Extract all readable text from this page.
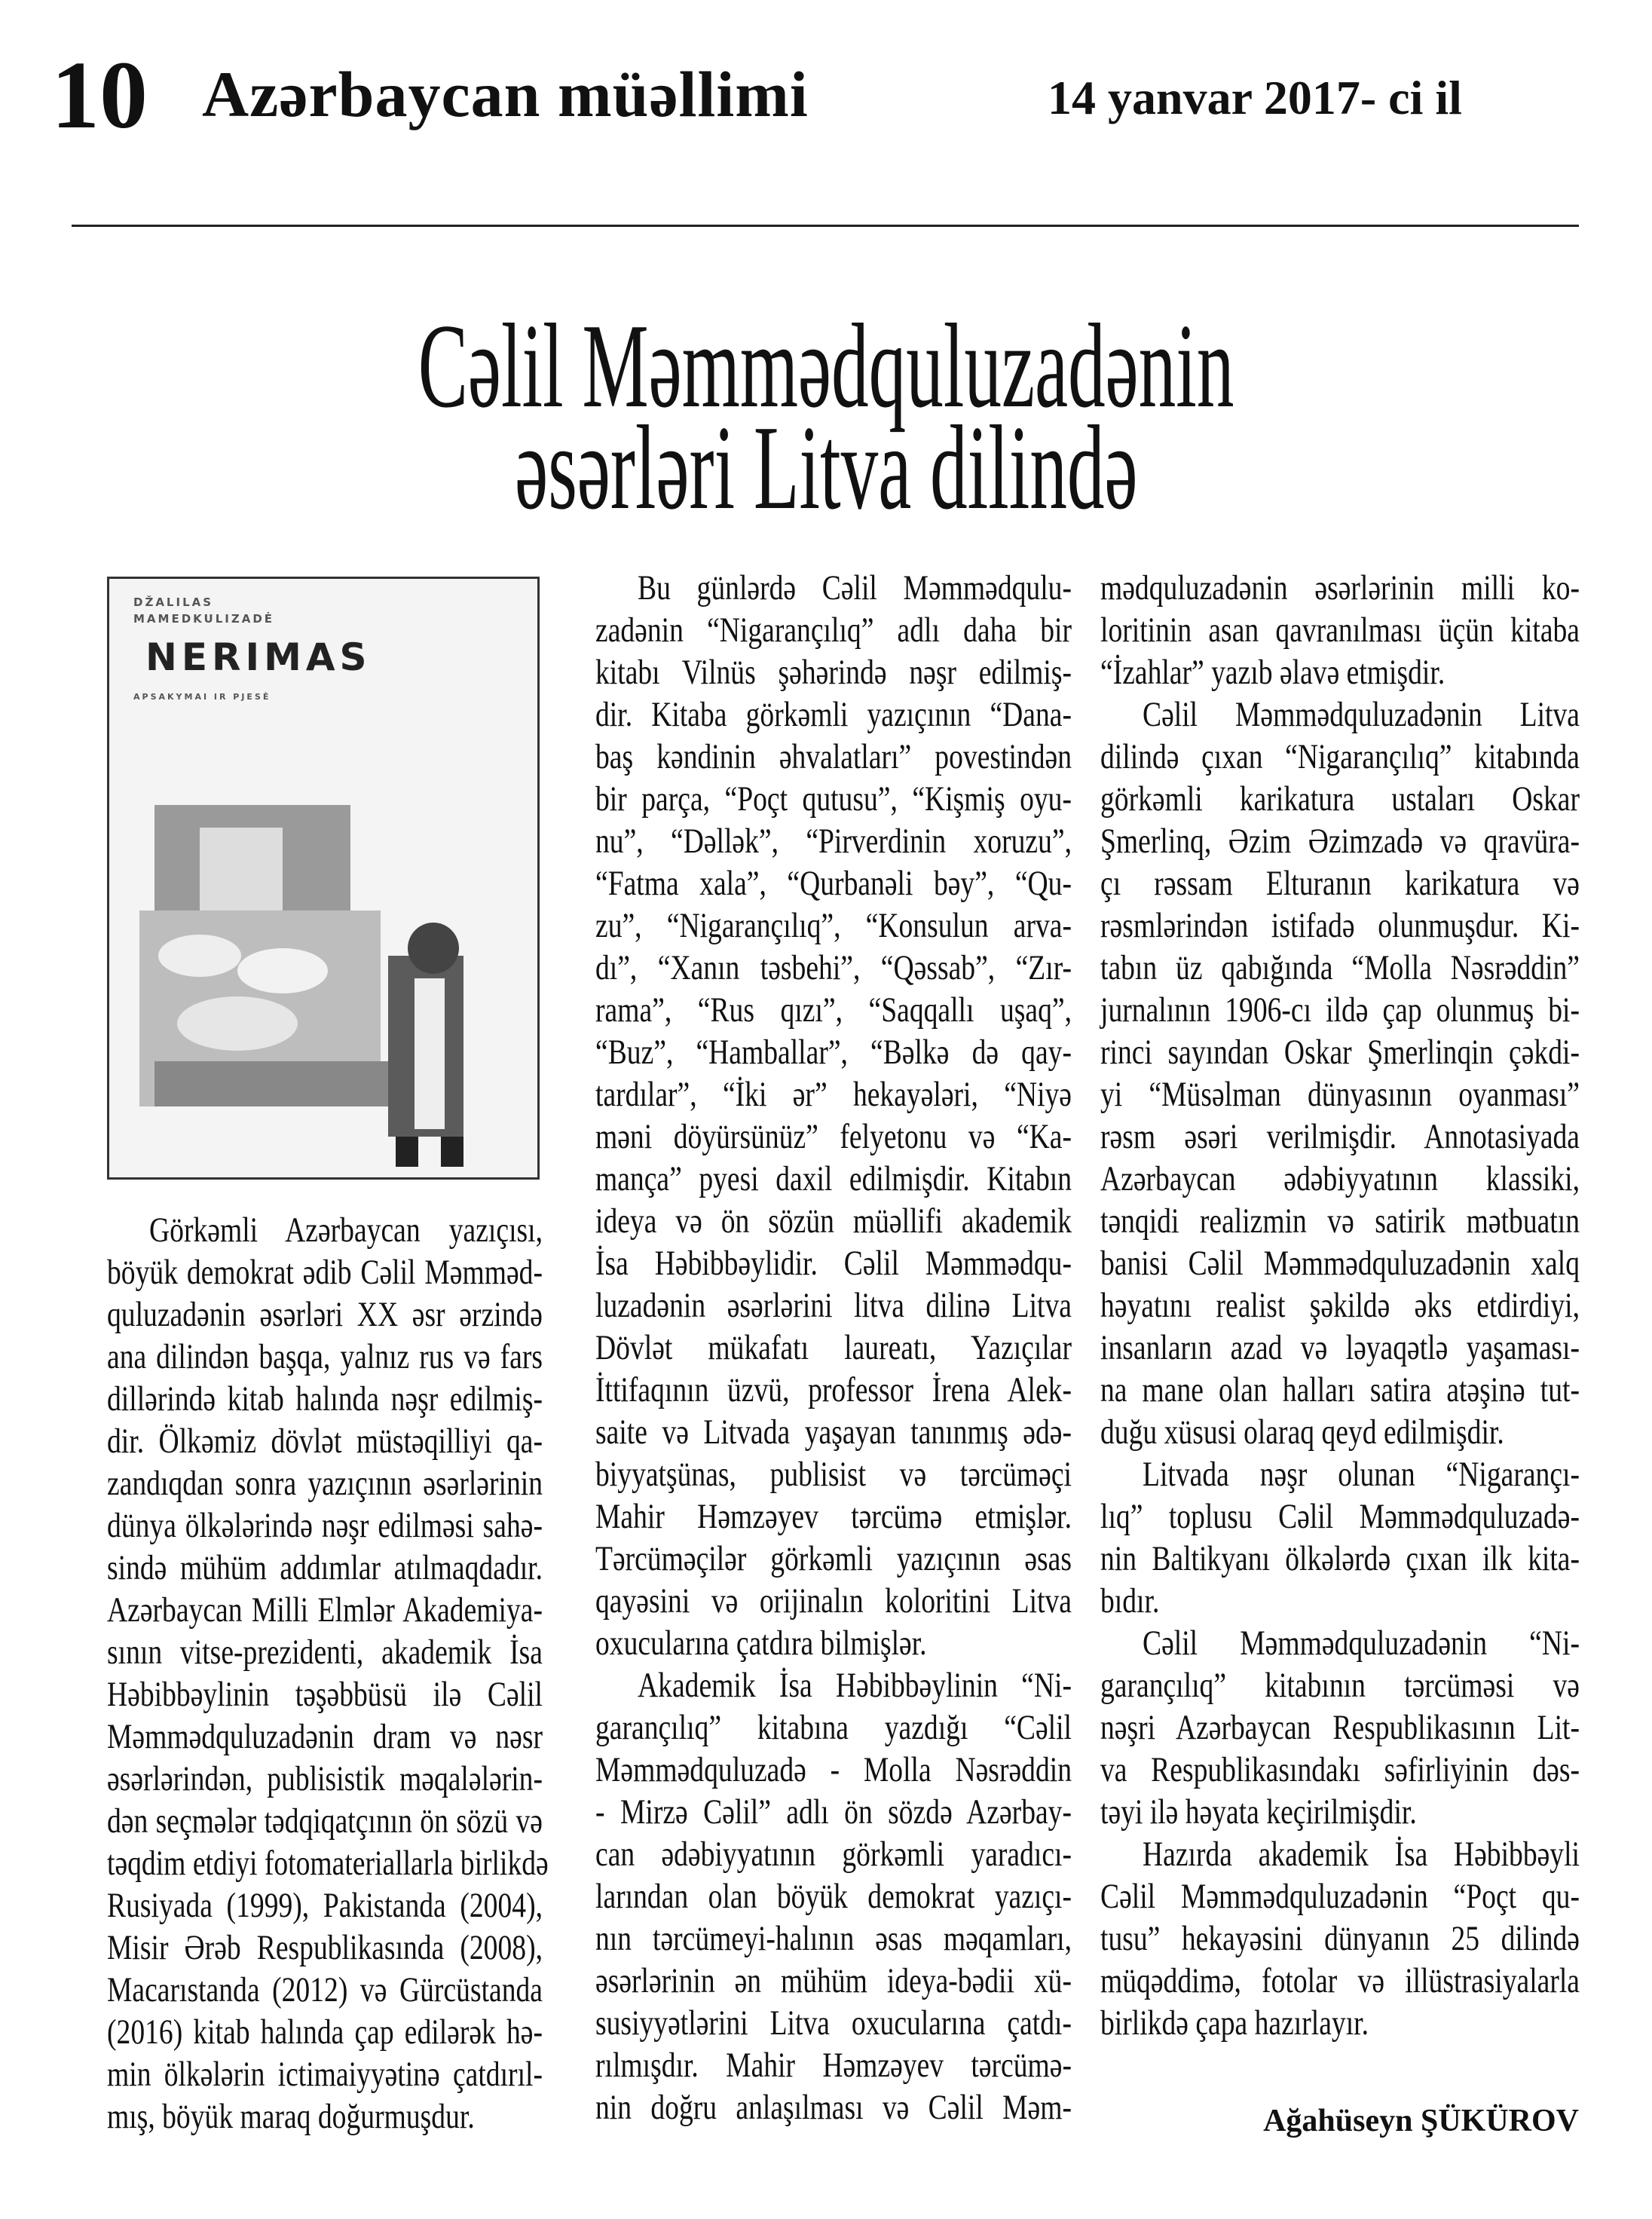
10 Azərbaycan müəllimi	14 yanvar 2017- ci il
Cəlil Məmmədquluzadənin
əsərləri Litva dilində
DŽALILAS
MAMEDKULIZADĖ
NERIMAS
APSAKYMAI IR PJESĖ
Görkəmli Azərbaycan yazıçısı,
böyük demokrat ədib Cəlil Məmməd-
quluzadənin əsərləri XX əsr ərzində
ana dilindən başqa, yalnız rus və fars
dillərində kitab halında nəşr edilmiş-
dir. Ölkəmiz dövlət müstəqilliyi qa-
zandıqdan sonra yazıçının əsərlərinin
dünya ölkələrində nəşr edilməsi sahə-
sində mühüm addımlar atılmaqdadır.
Azərbaycan Milli Elmlər Akademiya-
sının vitse-prezidenti, akademik İsa
Həbibbəylinin təşəbbüsü ilə Cəlil
Məmmədquluzadənin dram və nəsr
əsərlərindən, publisistik məqalələrin-
dən seçmələr tədqiqatçının ön sözü və
təqdim etdiyi fotomateriallarla birlikdə
Rusiyada (1999), Pakistanda (2004),
Misir Ərəb Respublikasında (2008),
Macarıstanda (2012) və Gürcüstanda
(2016) kitab halında çap edilərək hə-
min ölkələrin ictimaiyyətinə çatdırıl-
mış, böyük maraq doğurmuşdur.
Bu günlərdə Cəlil Məmmədqulu-
zadənin “Nigarançılıq” adlı daha bir
kitabı Vilnüs şəhərində nəşr edilmiş-
dir. Kitaba görkəmli yazıçının “Dana-
baş kəndinin əhvalatları” povestindən
bir parça, “Poçt qutusu”, “Kişmiş oyu-
nu”, “Dəllək”, “Pirverdinin xoruzu”,
“Fatma xala”, “Qurbanəli bəy”, “Qu-
zu”, “Nigarançılıq”, “Konsulun arva-
dı”, “Xanın təsbehi”, “Qəssab”, “Zır-
rama”, “Rus qızı”, “Saqqallı uşaq”,
“Buz”, “Hamballar”, “Bəlkə də qay-
tardılar”, “İki ər” hekayələri, “Niyə
məni döyürsünüz” felyetonu və “Ka-
mança” pyesi daxil edilmişdir. Kitabın
ideya və ön sözün müəllifi akademik
İsa Həbibbəylidir. Cəlil Məmmədqu-
luzadənin əsərlərini litva dilinə Litva
Dövlət mükafatı laureatı, Yazıçılar
İttifaqının üzvü, professor İrena Alek-
saite və Litvada yaşayan tanınmış ədə-
biyyatşünas, publisist və tərcüməçi
Mahir Həmzəyev tərcümə etmişlər.
Tərcüməçilər görkəmli yazıçının əsas
qayəsini və orijinalın koloritini Litva
oxucularına çatdıra bilmişlər.
Akademik İsa Həbibbəylinin “Ni-
garançılıq” kitabına yazdığı “Cəlil
Məmmədquluzadə - Molla Nəsrəddin
- Mirzə Cəlil” adlı ön sözdə Azərbay-
can ədəbiyyatının görkəmli yaradıcı-
larından olan böyük demokrat yazıçı-
nın tərcümeyi-halının əsas məqamları,
əsərlərinin ən mühüm ideya-bədii xü-
susiyyətlərini Litva oxucularına çatdı-
rılmışdır. Mahir Həmzəyev tərcümə-
nin doğru anlaşılması və Cəlil Məm-
mədquluzadənin əsərlərinin milli ko-
loritinin asan qavranılması üçün kitaba
“İzahlar” yazıb əlavə etmişdir.
Cəlil Məmmədquluzadənin Litva
dilində çıxan “Nigarançılıq” kitabında
görkəmli karikatura ustaları Oskar
Şmerlinq, Əzim Əzimzadə və qravüra-
çı rəssam Elturanın karikatura və
rəsmlərindən istifadə olunmuşdur. Ki-
tabın üz qabığında “Molla Nəsrəddin”
jurnalının 1906-cı ildə çap olunmuş bi-
rinci sayından Oskar Şmerlinqin çəkdi-
yi “Müsəlman dünyasının oyanması”
rəsm əsəri verilmişdir. Annotasiyada
Azərbaycan ədəbiyyatının klassiki,
tənqidi realizmin və satirik mətbuatın
banisi Cəlil Məmmədquluzadənin xalq
həyatını realist şəkildə əks etdirdiyi,
insanların azad və ləyaqətlə yaşaması-
na mane olan halları satira atəşinə tut-
duğu xüsusi olaraq qeyd edilmişdir.
Litvada nəşr olunan “Nigarançı-
lıq” toplusu Cəlil Məmmədquluzadə-
nin Baltikyanı ölkələrdə çıxan ilk kita-
bıdır.
Cəlil Məmmədquluzadənin “Ni-
garançılıq” kitabının tərcüməsi və
nəşri Azərbaycan Respublikasının Lit-
va Respublikasındakı səfirliyinin dəs-
təyi ilə həyata keçirilmişdir.
Hazırda akademik İsa Həbibbəyli
Cəlil Məmmədquluzadənin “Poçt qu-
tusu” hekayəsini dünyanın 25 dilində
müqəddimə, fotolar və illüstrasiyalarla
birlikdə çapa hazırlayır.
Ağahüseyn ŞÜKÜROV
